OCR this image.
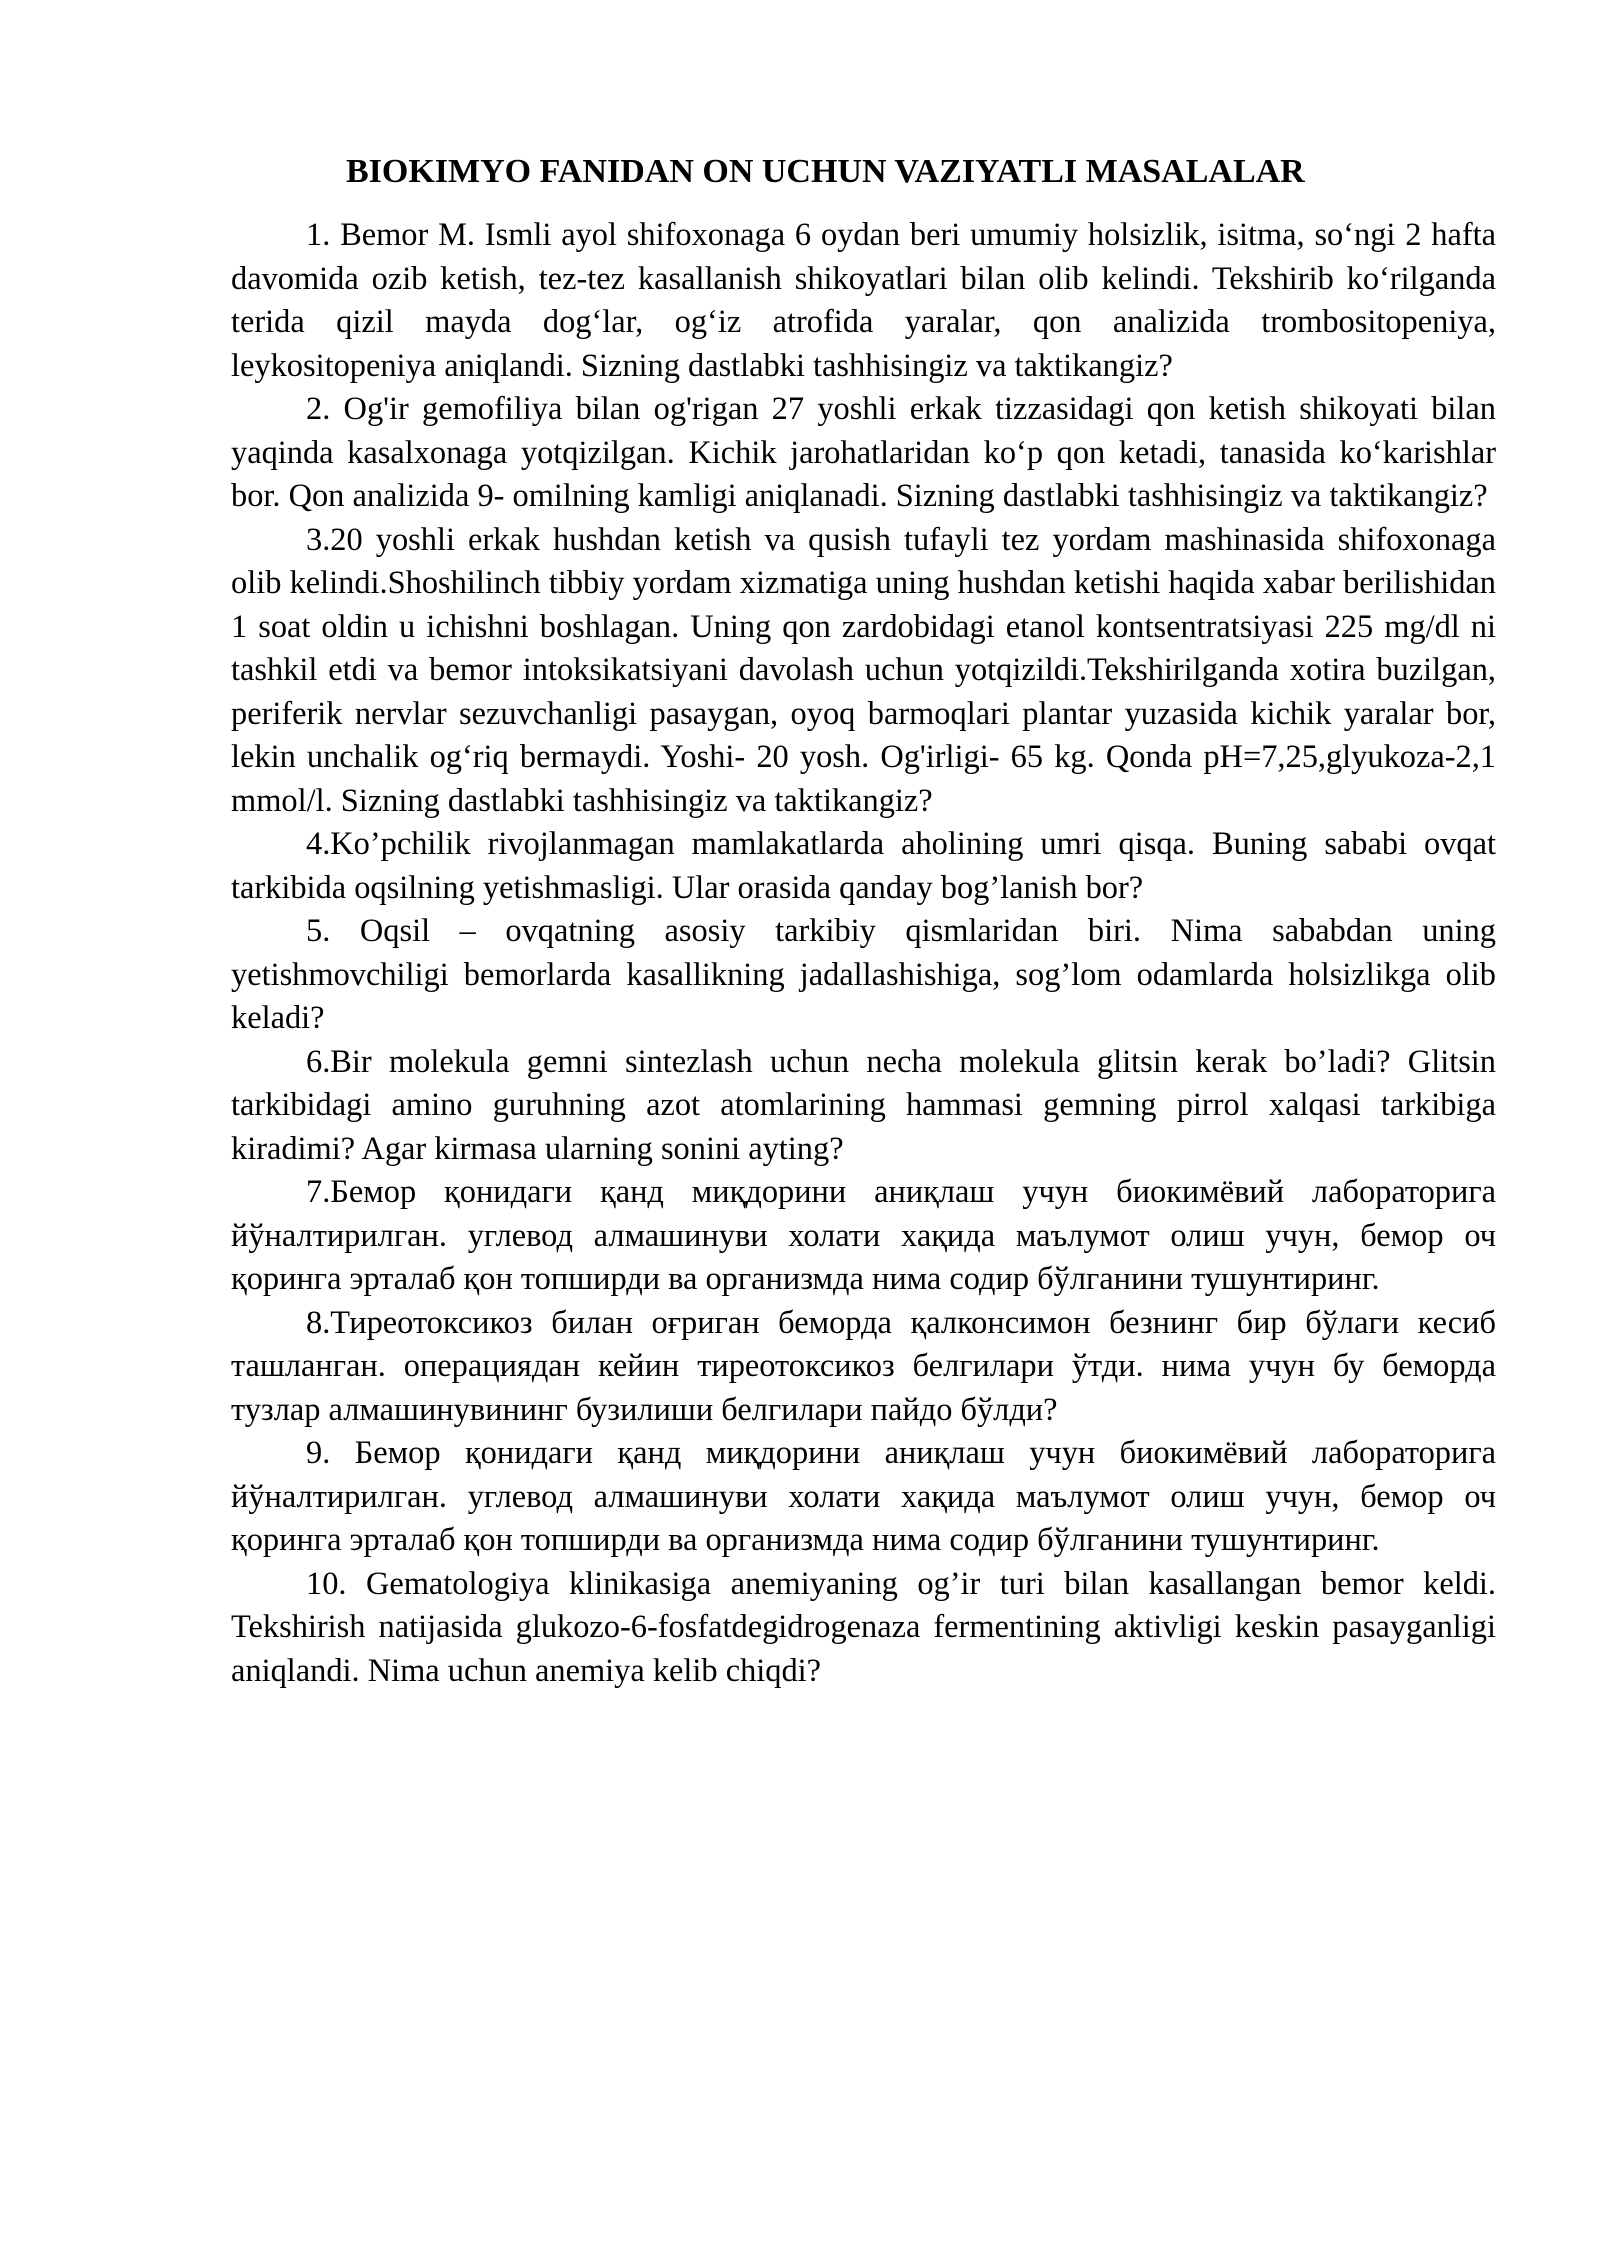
BIOKIMYO FANIDAN ON UCHUN VAZIYATLI MASALALAR

1. Bemor M. Ismli ayol shifoxonaga 6 oydan beri umumiy holsizlik, isitma, so‘ngi 2 hafta davomida ozib ketish, tez-tez kasallanish shikoyatlari bilan olib kelindi. Tekshirib ko‘rilganda terida qizil mayda dog‘lar, og‘iz atrofida yaralar, qon analizida trombositopeniya, leykositopeniya aniqlandi. Sizning dastlabki tashhisingiz va taktikangiz?

2. Og'ir gemofiliya bilan og'rigan 27 yoshli erkak tizzasidagi qon ketish shikoyati bilan yaqinda kasalxonaga yotqizilgan. Kichik jarohatlaridan ko‘p qon ketadi, tanasida ko‘karishlar bor. Qon analizida 9- omilning kamligi aniqlanadi. Sizning dastlabki tashhisingiz va taktikangiz?

3.20 yoshli erkak hushdan ketish va qusish tufayli tez yordam mashinasida shifoxonaga olib kelindi.Shoshilinch tibbiy yordam xizmatiga uning hushdan ketishi haqida xabar berilishidan 1 soat oldin u ichishni boshlagan. Uning qon zardobidagi etanol kontsentratsiyasi 225 mg/dl ni tashkil etdi va bemor intoksikatsiyani davolash uchun yotqizildi.Tekshirilganda xotira buzilgan, periferik nervlar sezuvchanligi pasaygan, oyoq barmoqlari plantar yuzasida kichik yaralar bor, lekin unchalik og‘riq bermaydi. Yoshi- 20 yosh. Og'irligi- 65 kg. Qonda pH=7,25,glyukoza-2,1 mmol/l. Sizning dastlabki tashhisingiz va taktikangiz?

4.Ko’pchilik rivojlanmagan mamlakatlarda aholining umri qisqa. Buning sababi ovqat tarkibida oqsilning yetishmasligi. Ular orasida qanday bog’lanish bor?

5. Oqsil – ovqatning asosiy tarkibiy qismlaridan biri. Nima sababdan uning yetishmovchiligi bemorlarda kasallikning jadallashishiga, sog’lom odamlarda holsizlikga olib keladi?

6.Bir molekula gemni sintezlash uchun necha molekula glitsin kerak bo’ladi? Glitsin tarkibidagi amino guruhning azot atomlarining hammasi gemning pirrol xalqasi tarkibiga kiradimi? Agar kirmasa ularning sonini ayting?

7.Бемор қонидаги қанд миқдорини аниқлаш учун биокимёвий лабораторига йўналтирилган. углевод алмашинуви холати хақида маълумот олиш учун, бемор оч қоринга эрталаб қон топширди ва организмда нима содир бўлганини тушунтиринг.

8.Тиреотоксикоз билан оғриган беморда қалконсимон безнинг бир бўлаги кесиб ташланган. операциядан кейин тиреотоксикоз белгилари ўтди. нима учун бу беморда тузлар алмашинувининг бузилиши белгилари пайдо бўлди?

9. Бемор қонидаги қанд миқдорини аниқлаш учун биокимёвий лабораторига йўналтирилган. углевод алмашинуви холати хақида маълумот олиш учун, бемор оч қоринга эрталаб қон топширди ва организмда нима содир бўлганини тушунтиринг.

10. Gematologiya klinikasiga anemiyaning og’ir turi bilan kasallangan bemor keldi. Tekshirish natijasida glukozo-6-fosfatdegidrogenaza fermentining aktivligi keskin pasayganligi aniqlandi. Nima uchun anemiya kelib chiqdi?
